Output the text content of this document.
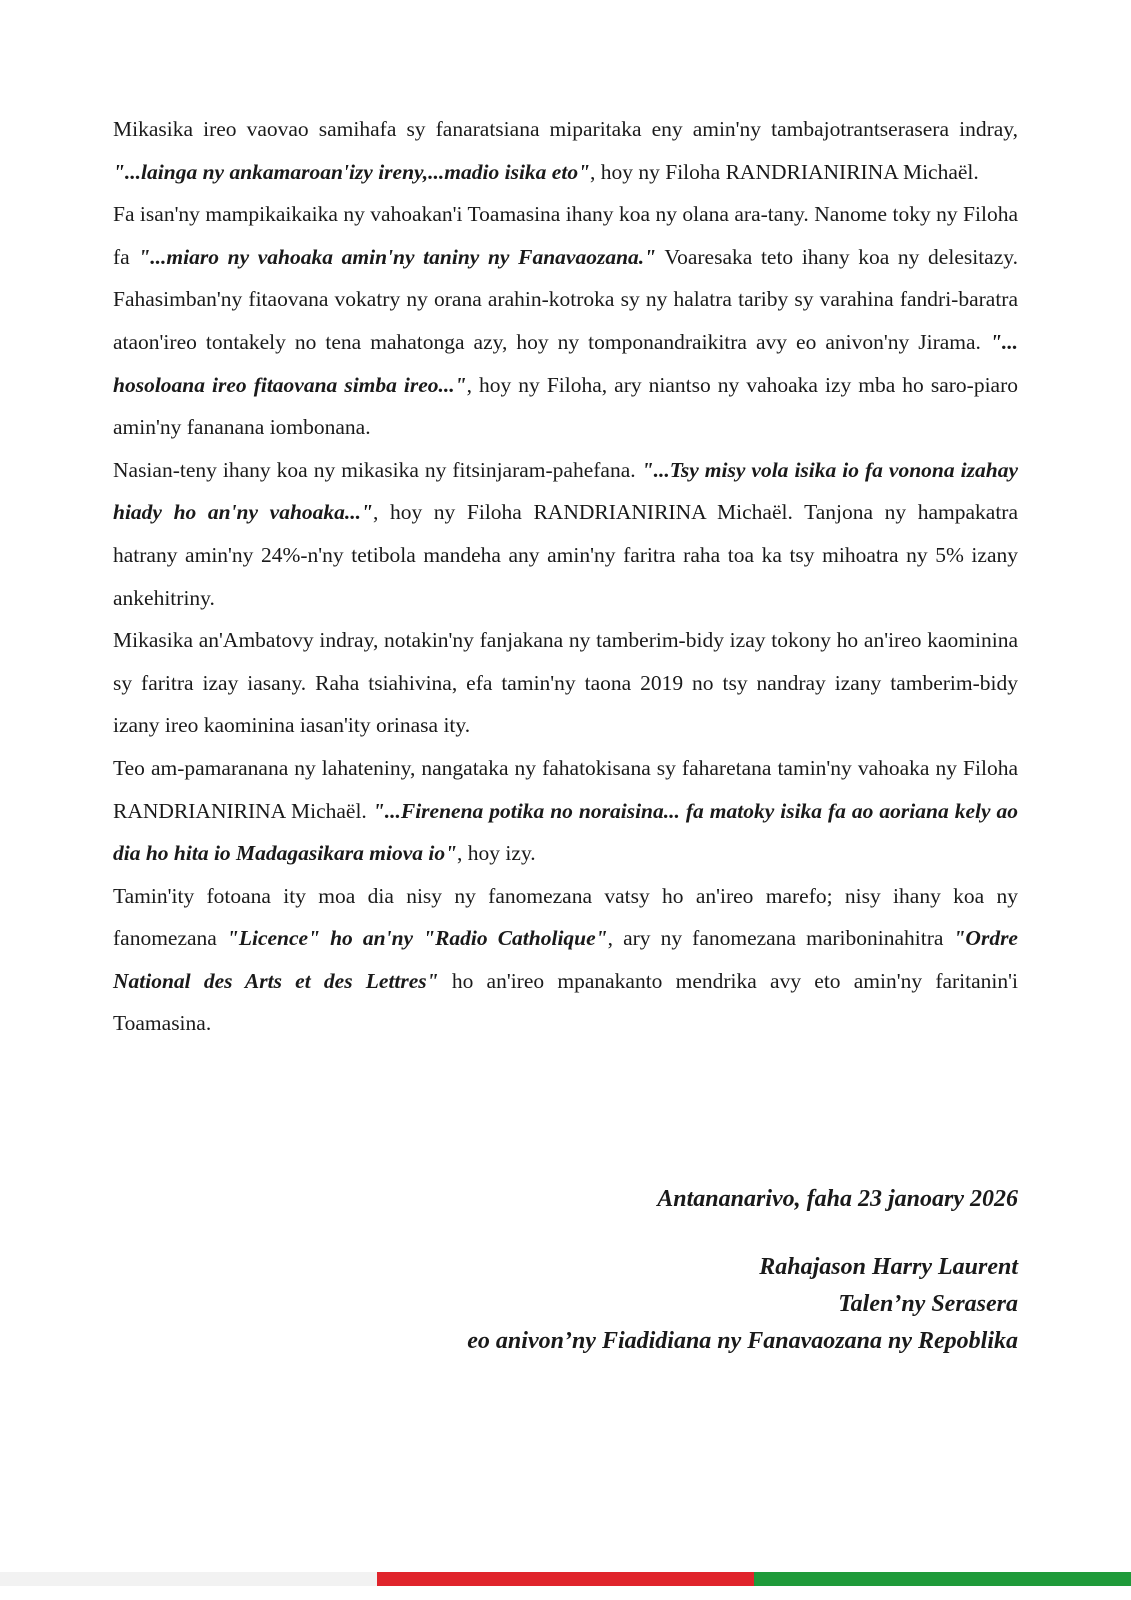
Mikasika ireo vaovao samihafa sy fanaratsiana miparitaka eny amin'ny tambajotrantserasera indray, "...lainga ny ankamaroan'izy ireny,...madio isika eto", hoy ny Filoha RANDRIANIRINA Michaël.

Fa isan'ny mampikaikaika ny vahoakan'i Toamasina ihany koa ny olana ara-tany. Nanome toky ny Filoha fa "...miaro ny vahoaka amin'ny taniny ny Fanavaozana." Voaresaka teto ihany koa ny delesitazy. Fahasimban'ny fitaovana vokatry ny orana arahin-kotroka sy ny halatra tariby sy varahina fandri-baratra ataon'ireo tontakely no tena mahatonga azy, hoy ny tomponandraikitra avy eo anivon'ny Jirama. "... hosoloana ireo fitaovana simba ireo...", hoy ny Filoha, ary niantso ny vahoaka izy mba ho saro-piaro amin'ny fananana iombonana.

Nasian-teny ihany koa ny mikasika ny fitsinjaram-pahefana. "...Tsy misy vola isika io fa vonona izahay hiady ho an'ny vahoaka...", hoy ny Filoha RANDRIANIRINA Michaël. Tanjona ny hampakatra hatrany amin'ny 24%-n'ny tetibola mandeha any amin'ny faritra raha toa ka tsy mihoatra ny 5% izany ankehitriny.

Mikasika an'Ambatovy indray, notakin'ny fanjakana ny tamberim-bidy izay tokony ho an'ireo kaominina sy faritra izay iasany. Raha tsiahivina, efa tamin'ny taona 2019 no tsy nandray izany tamberim-bidy izany ireo kaominina iasan'ity orinasa ity.

Teo am-pamaranana ny lahateniny, nangataka ny fahatokisana sy faharetana tamin'ny vahoaka ny Filoha RANDRIANIRINA Michaël. "...Firenena potika no noraisina... fa matoky isika fa ao aoriana kely ao dia ho hita io Madagasikara miova io", hoy izy.

Tamin'ity fotoana ity moa dia nisy ny fanomezana vatsy ho an'ireo marefo; nisy ihany koa ny fanomezana "Licence" ho an'ny "Radio Catholique", ary ny fanomezana mariboninahitra "Ordre National des Arts et des Lettres" ho an'ireo mpanakanto mendrika avy eto amin'ny faritanin'i Toamasina.

Antananarivo, faha 23 janoary 2026

Rahajason Harry Laurent

Talen’ny Serasera

eo anivon’ny Fiadidiana ny Fanavaozana ny Repoblika
